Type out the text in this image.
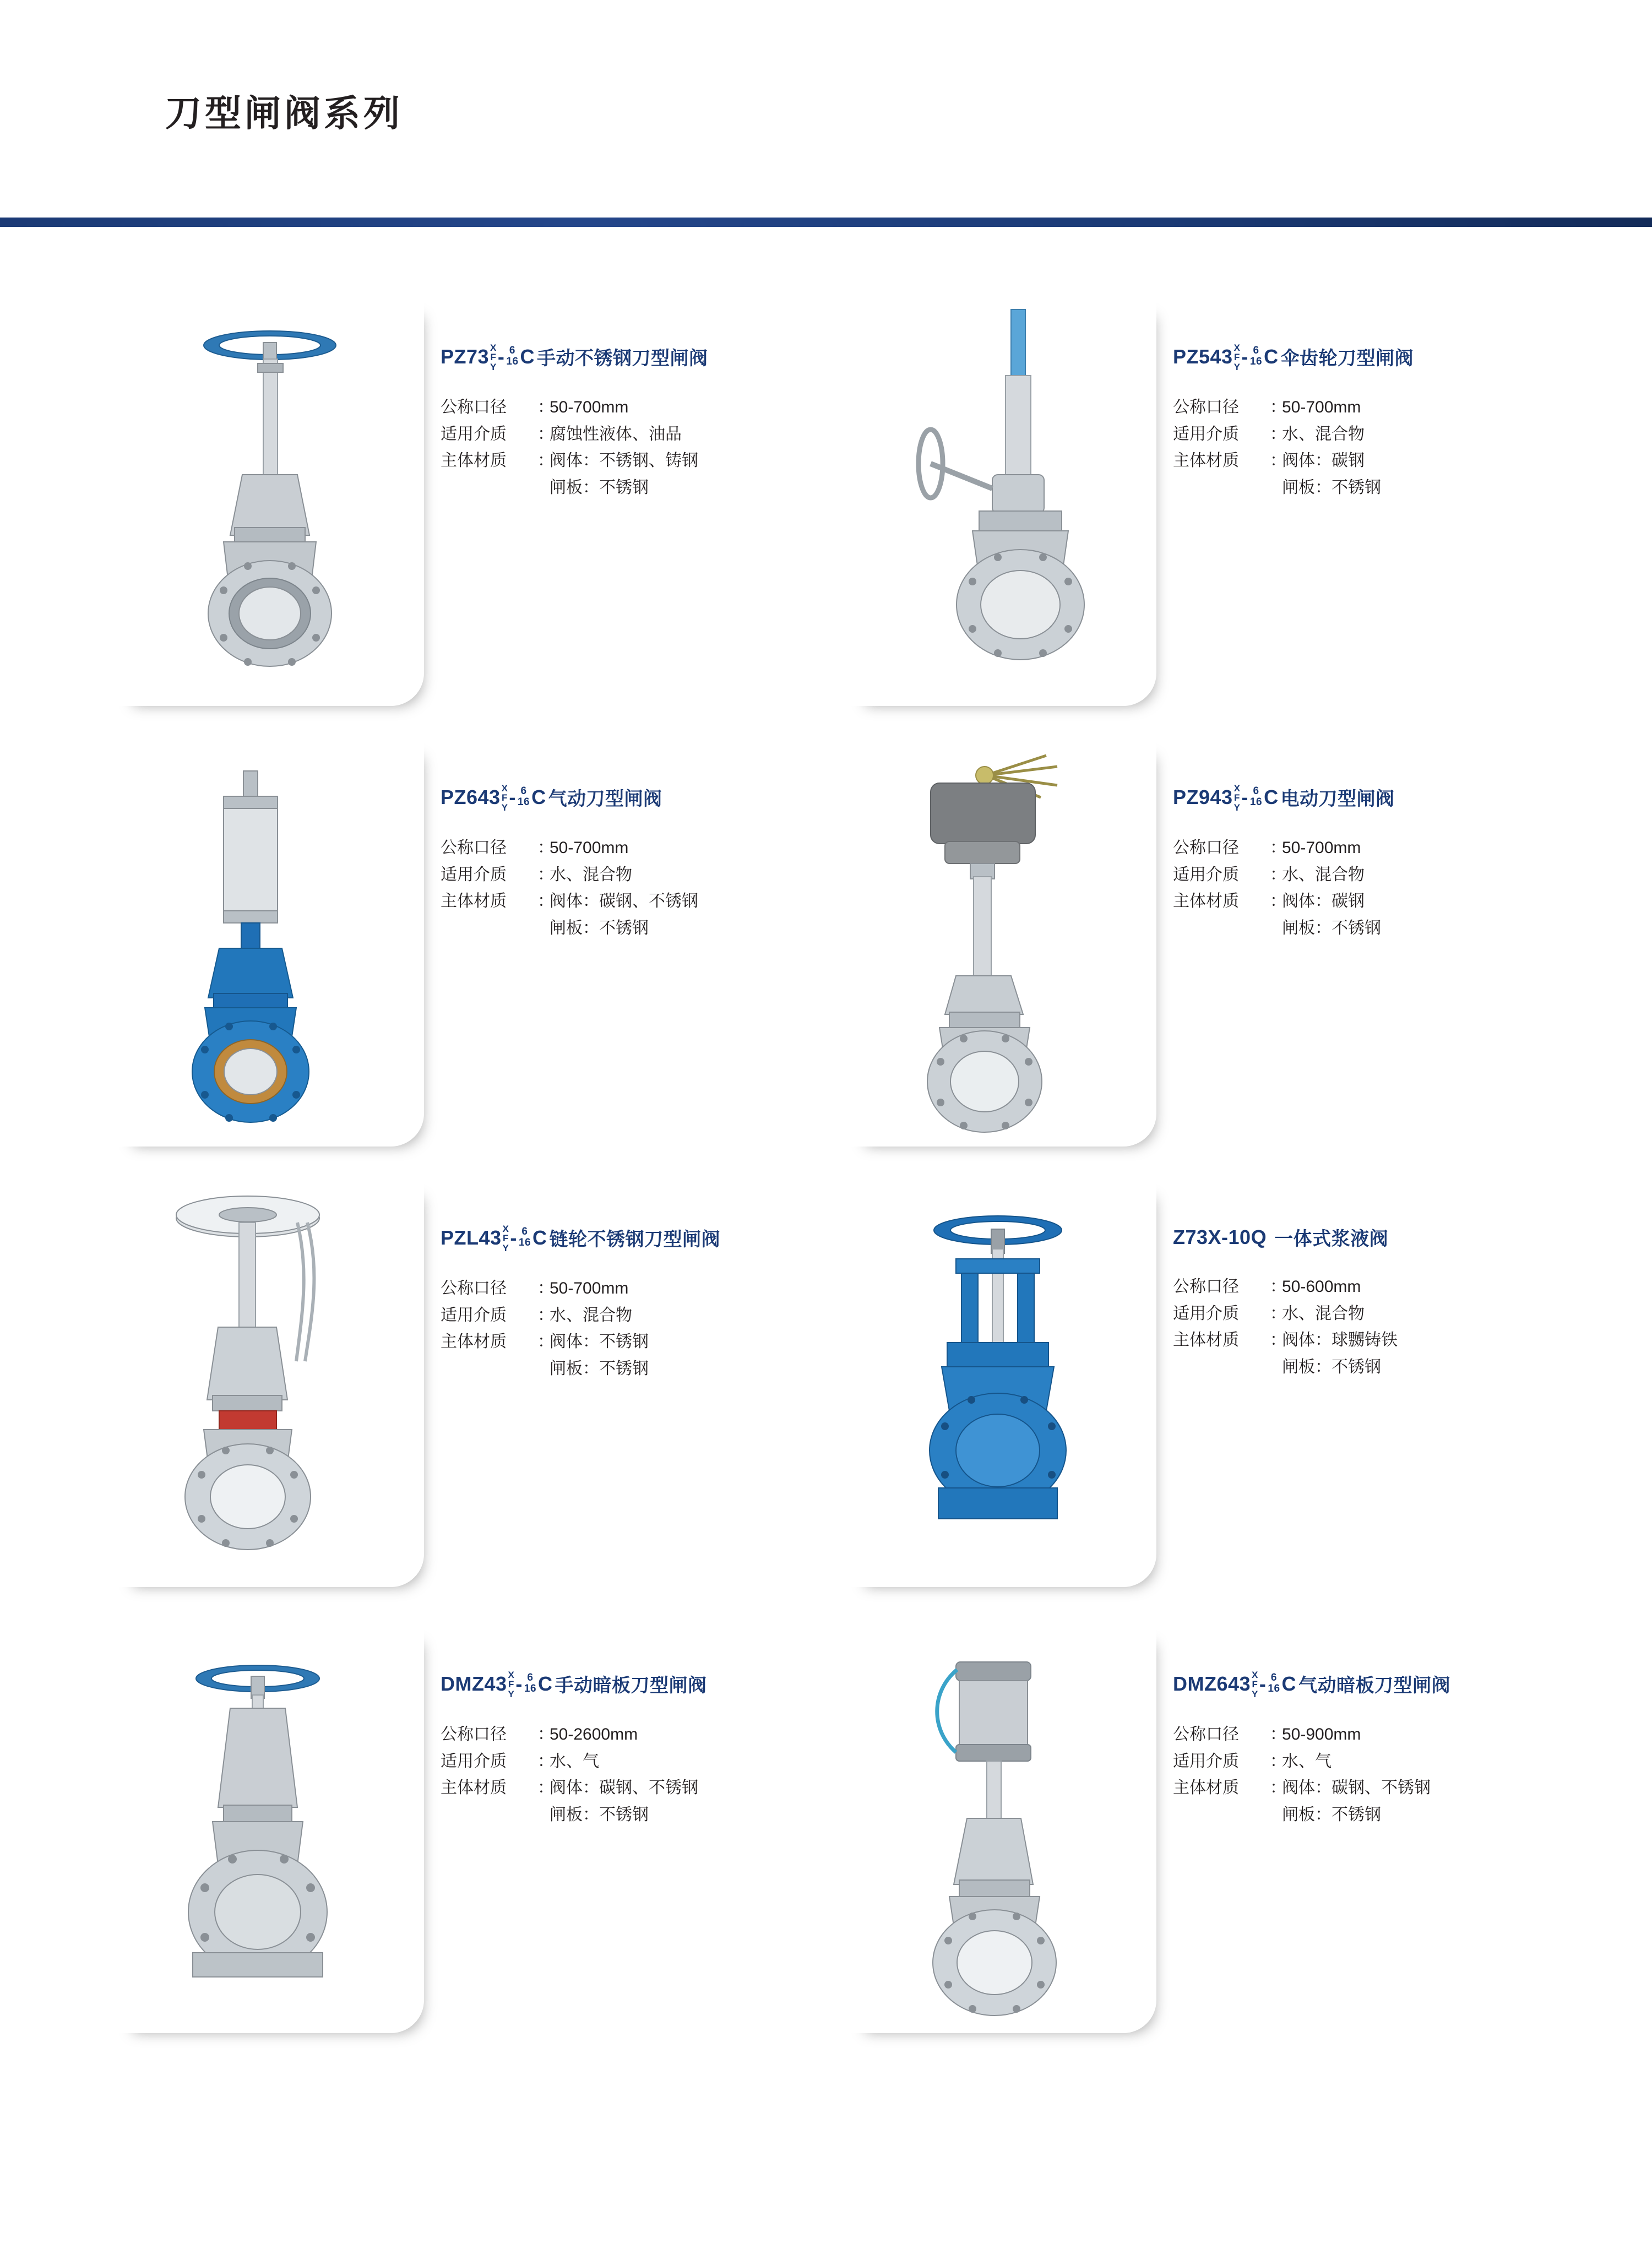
刀型闸阀系列
PZ73 X
F
Y - 6
16 C 手动不锈钢刀型闸阀
公称口径	：
50-700mm
适用介质	：
腐蚀性液体、油品
主体材质	：
阀体：不锈钢、铸钢
闸板：不锈钢
PZ543 X
F
Y - 6
16 C 伞齿轮刀型闸阀
公称口径	：
50-700mm
适用介质	：
水、混合物
主体材质	：
阀体：碳钢
闸板：不锈钢
PZ643 X
F
Y - 6
16 C 气动刀型闸阀
公称口径	：
50-700mm
适用介质	：
水、混合物
主体材质	：
阀体：碳钢、不锈钢
闸板：不锈钢
PZ943 X
F
Y - 6
16 C 电动刀型闸阀
公称口径	：
50-700mm
适用介质	：
水、混合物
主体材质	：
阀体：碳钢
闸板：不锈钢
PZL43 X
F
Y - 6
16 C 链轮不锈钢刀型闸阀
公称口径	：
50-700mm
适用介质	：
水、混合物
主体材质	：
阀体：不锈钢
闸板：不锈钢
Z73X-10Q 一体式浆液阀
公称口径	：
50-600mm
适用介质	：
水、混合物
主体材质	：
阀体：球嬲铸铁
闸板：不锈钢
DMZ43 X
F
Y - 6
16 C 手动暗板刀型闸阀
公称口径	：
50-2600mm
适用介质	：
水、气
主体材质	：
阀体：碳钢、不锈钢
闸板：不锈钢
DMZ643 X
F
Y - 6
16 C 气动暗板刀型闸阀
公称口径	：
50-900mm
适用介质	：
水、气
主体材质	：
阀体：碳钢、不锈钢
闸板：不锈钢
